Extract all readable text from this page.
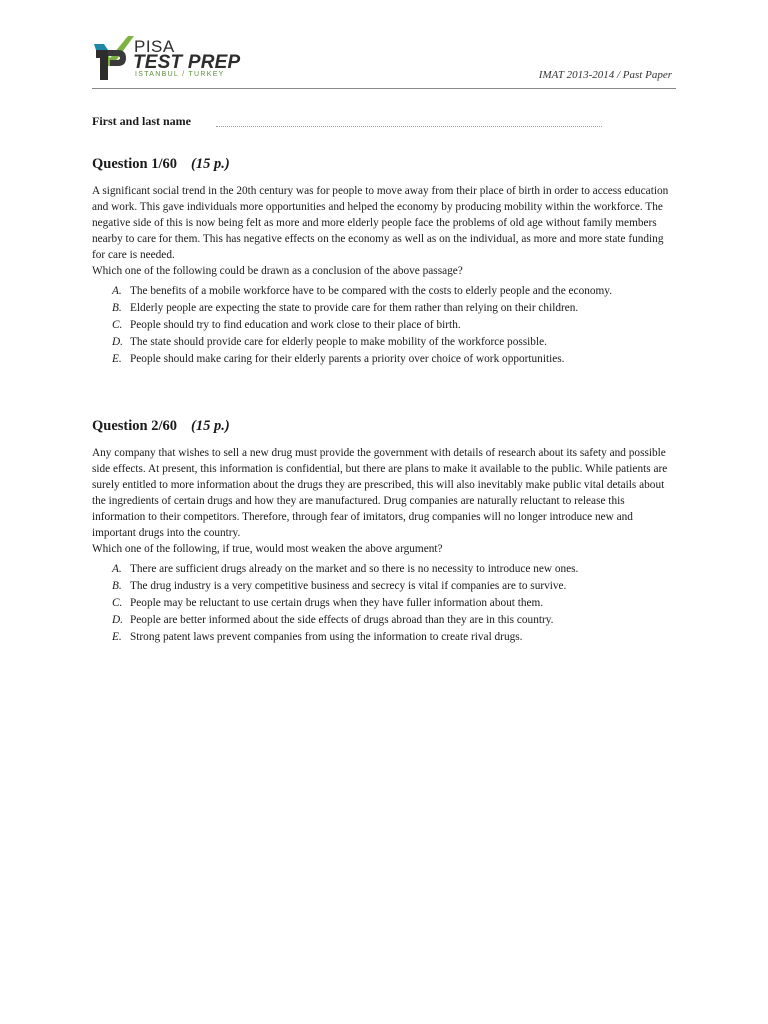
PISA
TEST PREP
ISTANBUL / TURKEY	IMAT 2013-2014 / Past Paper
First and last name
Question 1/60 (15 p.)

A significant social trend in the 20th century was for people to move away from their place of birth in order to access education and work. This gave individuals more opportunities and helped the economy by producing mobility within the workforce. The negative side of this is now being felt as more and more elderly people face the problems of old age without family members nearby to care for them. This has negative effects on the economy as well as on the individual, as more and more state funding for care is needed.

Which one of the following could be drawn as a conclusion of the above passage?

A. The benefits of a mobile workforce have to be compared with the costs to elderly people and the economy.
B. Elderly people are expecting the state to provide care for them rather than relying on their children.
C. People should try to find education and work close to their place of birth.
D. The state should provide care for elderly people to make mobility of the workforce possible.
E. People should make caring for their elderly parents a priority over choice of work opportunities.
Question 2/60 (15 p.)

Any company that wishes to sell a new drug must provide the government with details of research about its safety and possible side effects. At present, this information is confidential, but there are plans to make it available to the public. While patients are surely entitled to more information about the drugs they are prescribed, this will also inevitably make public vital details about the ingredients of certain drugs and how they are manufactured. Drug companies are naturally reluctant to release this information to their competitors. Therefore, through fear of imitators, drug companies will no longer introduce new and important drugs into the country.

Which one of the following, if true, would most weaken the above argument?

A. There are sufficient drugs already on the market and so there is no necessity to introduce new ones.
B. The drug industry is a very competitive business and secrecy is vital if companies are to survive.
C. People may be reluctant to use certain drugs when they have fuller information about them.
D. People are better informed about the side effects of drugs abroad than they are in this country.
E. Strong patent laws prevent companies from using the information to create rival drugs.
